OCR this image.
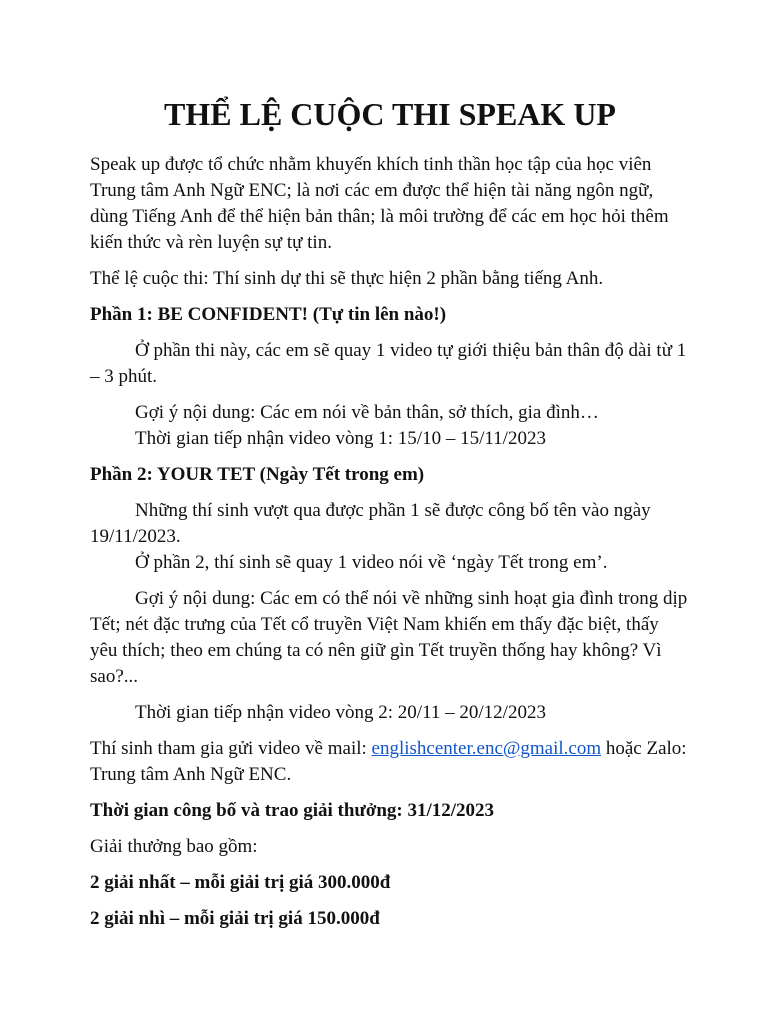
THỂ LỆ CUỘC THI SPEAK UP

Speak up được tổ chức nhằm khuyến khích tinh thần học tập của học viên Trung tâm Anh Ngữ ENC; là nơi các em được thể hiện tài năng ngôn ngữ, dùng Tiếng Anh để thể hiện bản thân; là môi trường để các em học hỏi thêm kiến thức và rèn luyện sự tự tin.

Thể lệ cuộc thi: Thí sinh dự thi sẽ thực hiện 2 phần bằng tiếng Anh.

Phần 1: BE CONFIDENT! (Tự tin lên nào!)

Ở phần thi này, các em sẽ quay 1 video tự giới thiệu bản thân độ dài từ 1 – 3 phút.

Gợi ý nội dung: Các em nói về bản thân, sở thích, gia đình…

Thời gian tiếp nhận video vòng 1: 15/10 – 15/11/2023

Phần 2: YOUR TET (Ngày Tết trong em)

Những thí sinh vượt qua được phần 1 sẽ được công bố tên vào ngày 19/11/2023.

Ở phần 2, thí sinh sẽ quay 1 video nói về ‘ngày Tết trong em’.

Gợi ý nội dung: Các em có thể nói về những sinh hoạt gia đình trong dịp Tết; nét đặc trưng của Tết cổ truyền Việt Nam khiến em thấy đặc biệt, thấy yêu thích; theo em chúng ta có nên giữ gìn Tết truyền thống hay không? Vì sao?...

Thời gian tiếp nhận video vòng 2: 20/11 – 20/12/2023

Thí sinh tham gia gửi video về mail: englishcenter.enc@gmail.com hoặc Zalo: Trung tâm Anh Ngữ ENC.

Thời gian công bố và trao giải thưởng: 31/12/2023

Giải thưởng bao gồm:

2 giải nhất – mỗi giải trị giá 300.000đ

2 giải nhì – mỗi giải trị giá 150.000đ
